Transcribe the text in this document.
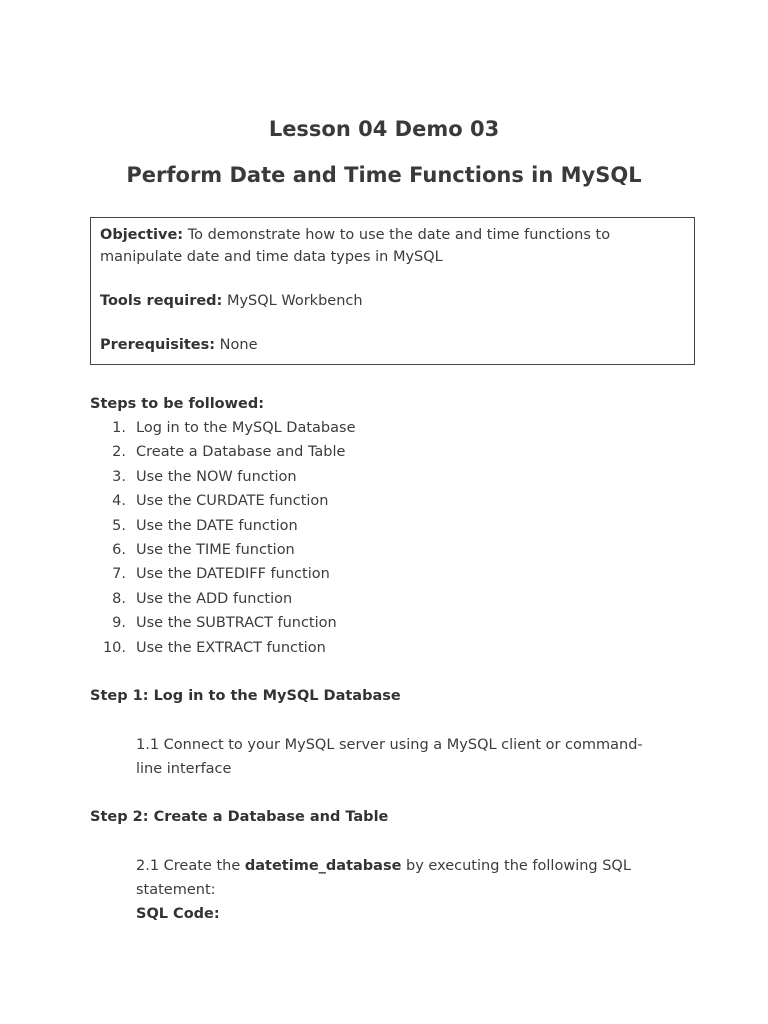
Lesson 04 Demo 03
Perform Date and Time Functions in MySQL

Objective: To demonstrate how to use the date and time functions to manipulate date and time data types in MySQL

Tools required: MySQL Workbench

Prerequisites: None

Steps to be followed:
1. Log in to the MySQL Database
2. Create a Database and Table
3. Use the NOW function
4. Use the CURDATE function
5. Use the DATE function
6. Use the TIME function
7. Use the DATEDIFF function
8. Use the ADD function
9. Use the SUBTRACT function
10. Use the EXTRACT function
Step 1: Log in to the MySQL Database

1.1 Connect to your MySQL server using a MySQL client or command-line interface

Step 2: Create a Database and Table

2.1 Create the datetime_database by executing the following SQL statement:

SQL Code:
